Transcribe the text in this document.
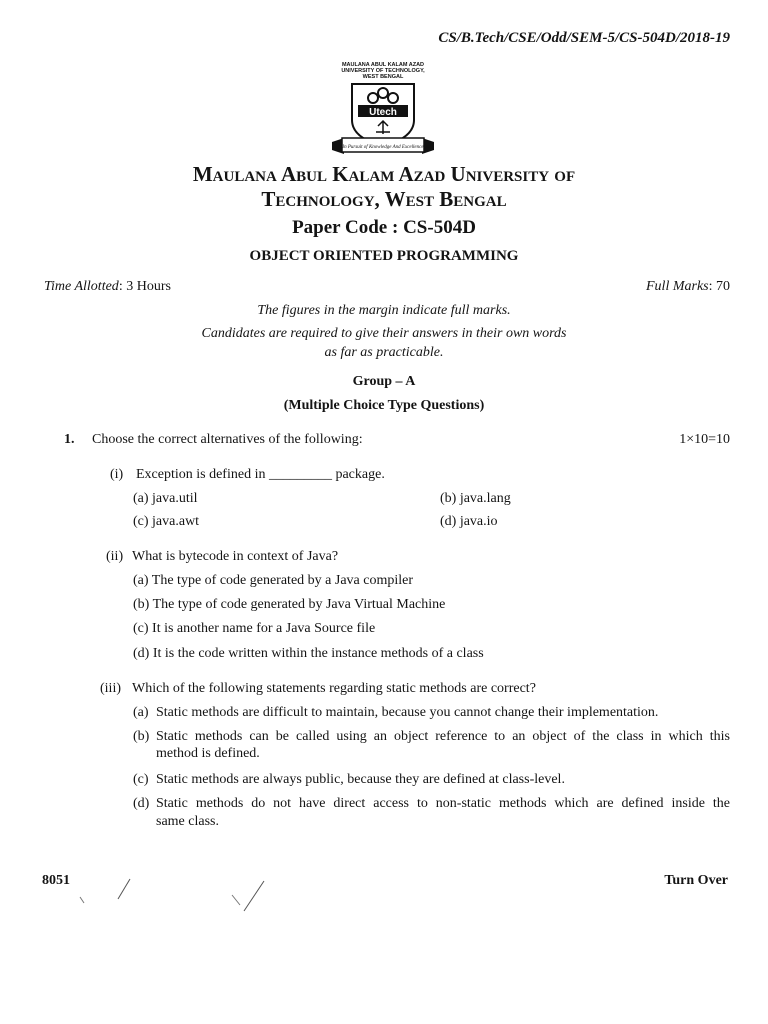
CS/B.Tech/CSE/Odd/SEM-5/CS-504D/2018-19
MAULANA ABUL KALAM AZAD
UNIVERSITY OF TECHNOLOGY,
WEST BENGAL
Utech
In Pursuit of Knowledge And Excellence
Maulana Abul Kalam Azad University of
Technology, West Bengal
Paper Code : CS-504D
OBJECT ORIENTED PROGRAMMING
Time Allotted: 3 Hours	Full Marks: 70
The figures in the margin indicate full marks.
Candidates are required to give their answers in their own words
as far as practicable.
Group – A
(Multiple Choice Type Questions)
1. Choose the correct alternatives of the following:	1×10=10
(i) Exception is defined in _________ package.
(a) java.util	(b) java.lang
(c) java.awt	(d) java.io
(ii) What is bytecode in context of Java?
(a) The type of code generated by a Java compiler
(b) The type of code generated by Java Virtual Machine
(c) It is another name for a Java Source file
(d) It is the code written within the instance methods of a class
(iii) Which of the following statements regarding static methods are correct?
(a) Static methods are difficult to maintain, because you cannot change their implementation.
(b) Static methods can be called using an object reference to an object of the class in which this
method is defined.
(c) Static methods are always public, because they are defined at class-level.
(d) Static methods do not have direct access to non-static methods which are defined inside the
same class.
8051	Turn Over
